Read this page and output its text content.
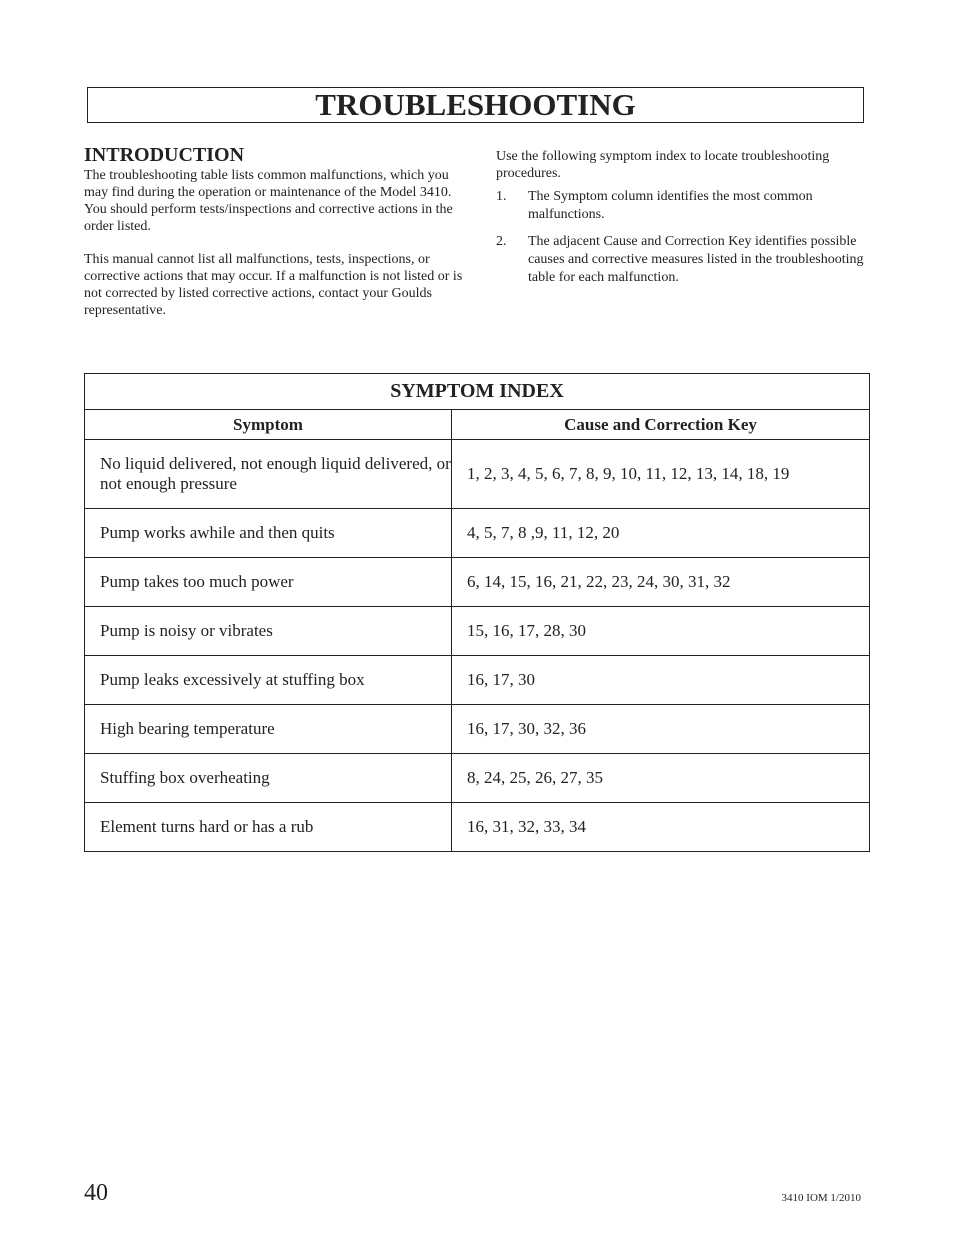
TROUBLESHOOTING
INTRODUCTION

The troubleshooting table lists common malfunctions, which you may find during the operation or maintenance of the Model 3410. You should perform tests/inspections and corrective actions in the order listed.

This manual cannot list all malfunctions, tests, inspections, or corrective actions that may occur. If a malfunction is not listed or is not corrected by listed corrective actions, contact your Goulds representative.

Use the following symptom index to locate troubleshooting procedures.

1.	The Symptom column identifies the most common malfunctions.
2.	The adjacent Cause and Correction Key identifies possible causes and corrective measures listed in the troubleshooting table for each malfunction.
SYMPTOM INDEX	
Symptom	Cause and Correction Key
No liquid delivered, not enough liquid delivered, or not enough pressure	1, 2, 3, 4, 5, 6, 7, 8, 9, 10, 11, 12, 13, 14, 18, 19
Pump works awhile and then quits	4, 5, 7, 8 ,9, 11, 12, 20
Pump takes too much power	6, 14, 15, 16, 21, 22, 23, 24, 30, 31, 32
Pump is noisy or vibrates	15, 16, 17, 28, 30
Pump leaks excessively at stuffing box	16, 17, 30
High bearing temperature	16, 17, 30, 32, 36
Stuffing box overheating	8, 24, 25, 26, 27, 35
Element turns hard or has a rub	16, 31, 32, 33, 34
40	3410 IOM 1/2010
